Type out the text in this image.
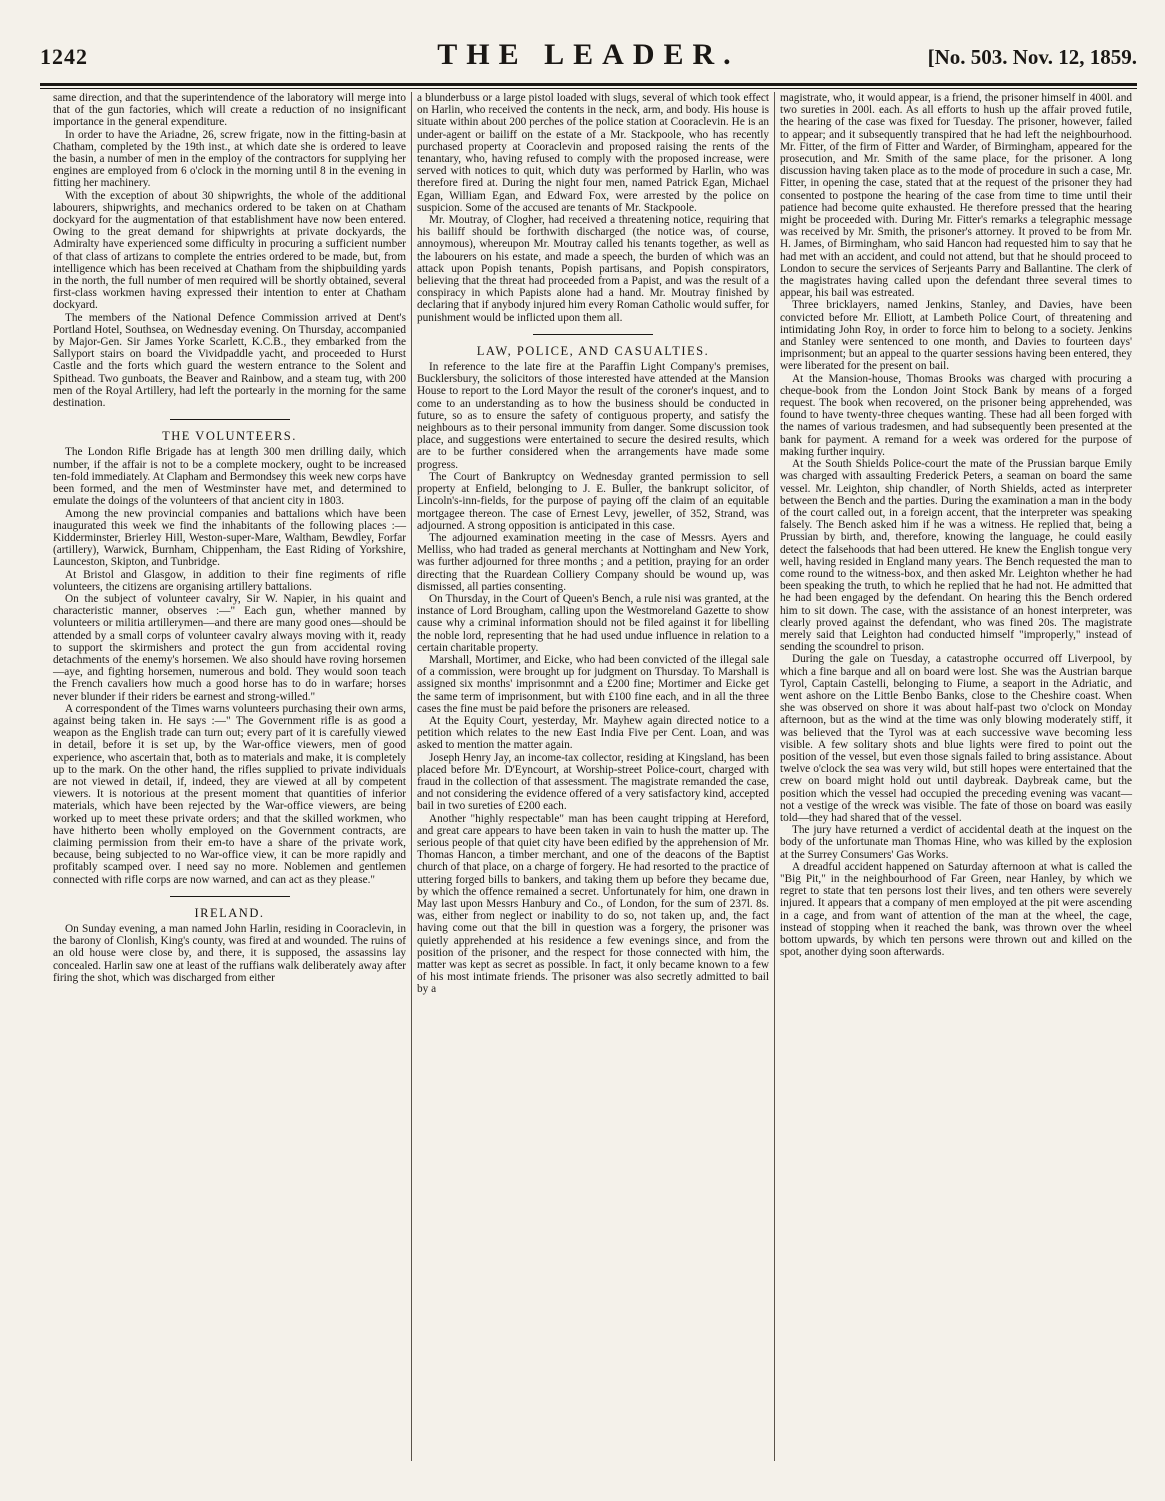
1242	THE LEADER.	[No. 503. Nov. 12, 1859.

same direction, and that the superintendence of the laboratory will merge into that of the gun factories, which will create a reduction of no insignificant importance in the general expenditure.

In order to have the Ariadne, 26, screw frigate, now in the fitting-basin at Chatham, completed by the 19th inst., at which date she is ordered to leave the basin, a number of men in the employ of the contractors for supplying her engines are employed from 6 o'clock in the morning until 8 in the evening in fitting her machinery.

With the exception of about 30 shipwrights, the whole of the additional labourers, shipwrights, and mechanics ordered to be taken on at Chatham dockyard for the augmentation of that establishment have now been entered. Owing to the great demand for shipwrights at private dockyards, the Admiralty have experienced some difficulty in procuring a sufficient number of that class of artizans to complete the entries ordered to be made, but, from intelligence which has been received at Chatham from the shipbuilding yards in the north, the full number of men required will be shortly obtained, several first-class workmen having expressed their intention to enter at Chatham dockyard.

The members of the National Defence Commission arrived at Dent's Portland Hotel, Southsea, on Wednesday evening. On Thursday, accompanied by Major-Gen. Sir James Yorke Scarlett, K.C.B., they embarked from the Sallyport stairs on board the Vividpaddle yacht, and proceeded to Hurst Castle and the forts which guard the western entrance to the Solent and Spithead. Two gunboats, the Beaver and Rainbow, and a steam tug, with 200 men of the Royal Artillery, had left the portearly in the morning for the same destination.

THE VOLUNTEERS.

The London Rifle Brigade has at length 300 men drilling daily, which number, if the affair is not to be a complete mockery, ought to be increased ten-fold immediately. At Clapham and Bermondsey this week new corps have been formed, and the men of Westminster have met, and determined to emulate the doings of the volunteers of that ancient city in 1803.

Among the new provincial companies and battalions which have been inaugurated this week we find the inhabitants of the following places :—Kidderminster, Brierley Hill, Weston-super-Mare, Waltham, Bewdley, Forfar (artillery), Warwick, Burnham, Chippenham, the East Riding of Yorkshire, Launceston, Skipton, and Tunbridge.

At Bristol and Glasgow, in addition to their fine regiments of rifle volunteers, the citizens are organising artillery battalions.

On the subject of volunteer cavalry, Sir W. Napier, in his quaint and characteristic manner, observes :—" Each gun, whether manned by volunteers or militia artillerymen—and there are many good ones—should be attended by a small corps of volunteer cavalry always moving with it, ready to support the skirmishers and protect the gun from accidental roving detachments of the enemy's horsemen. We also should have roving horsemen—aye, and fighting horsemen, numerous and bold. They would soon teach the French cavaliers how much a good horse has to do in warfare; horses never blunder if their riders be earnest and strong-willed."

A correspondent of the Times warns volunteers purchasing their own arms, against being taken in. He says :—" The Government rifle is as good a weapon as the English trade can turn out; every part of it is carefully viewed in detail, before it is set up, by the War-office viewers, men of good experience, who ascertain that, both as to materials and make, it is completely up to the mark. On the other hand, the rifles supplied to private individuals are not viewed in detail, if, indeed, they are viewed at all by competent viewers. It is notorious at the present moment that quantities of inferior materials, which have been rejected by the War-office viewers, are being worked up to meet these private orders; and that the skilled workmen, who have hitherto been wholly employed on the Government contracts, are claiming permission from their em-to have a share of the private work, because, being subjected to no War-office view, it can be more rapidly and profitably scamped over. I need say no more. Noblemen and gentlemen connected with rifle corps are now warned, and can act as they please."

IRELAND.

On Sunday evening, a man named John Harlin, residing in Cooraclevin, in the barony of Clonlish, King's county, was fired at and wounded. The ruins of an old house were close by, and there, it is supposed, the assassins lay concealed. Harlin saw one at least of the ruffians walk deliberately away after firing the shot, which was discharged from either

a blunderbuss or a large pistol loaded with slugs, several of which took effect on Harlin, who received the contents in the neck, arm, and body. His house is situate within about 200 perches of the police station at Cooraclevin. He is an under-agent or bailiff on the estate of a Mr. Stackpoole, who has recently purchased property at Cooraclevin and proposed raising the rents of the tenantary, who, having refused to comply with the proposed increase, were served with notices to quit, which duty was performed by Harlin, who was therefore fired at. During the night four men, named Patrick Egan, Michael Egan, William Egan, and Edward Fox, were arrested by the police on suspicion. Some of the accused are tenants of Mr. Stackpoole.

Mr. Moutray, of Clogher, had received a threatening notice, requiring that his bailiff should be forthwith discharged (the notice was, of course, annoymous), whereupon Mr. Moutray called his tenants together, as well as the labourers on his estate, and made a speech, the burden of which was an attack upon Popish tenants, Popish partisans, and Popish conspirators, believing that the threat had proceeded from a Papist, and was the result of a conspiracy in which Papists alone had a hand. Mr. Moutray finished by declaring that if anybody injured him every Roman Catholic would suffer, for punishment would be inflicted upon them all.

LAW, POLICE, AND CASUALTIES.

In reference to the late fire at the Paraffin Light Company's premises, Bucklersbury, the solicitors of those interested have attended at the Mansion House to report to the Lord Mayor the result of the coroner's inquest, and to come to an understanding as to how the business should be conducted in future, so as to ensure the safety of contiguous property, and satisfy the neighbours as to their personal immunity from danger. Some discussion took place, and suggestions were entertained to secure the desired results, which are to be further considered when the arrangements have made some progress.

The Court of Bankruptcy on Wednesday granted permission to sell property at Enfield, belonging to J. E. Buller, the bankrupt solicitor, of Lincoln's-inn-fields, for the purpose of paying off the claim of an equitable mortgagee thereon. The case of Ernest Levy, jeweller, of 352, Strand, was adjourned. A strong opposition is anticipated in this case.

The adjourned examination meeting in the case of Messrs. Ayers and Melliss, who had traded as general merchants at Nottingham and New York, was further adjourned for three months ; and a petition, praying for an order directing that the Ruardean Colliery Company should be wound up, was dismissed, all parties consenting.

On Thursday, in the Court of Queen's Bench, a rule nisi was granted, at the instance of Lord Brougham, calling upon the Westmoreland Gazette to show cause why a criminal information should not be filed against it for libelling the noble lord, representing that he had used undue influence in relation to a certain charitable property.

Marshall, Mortimer, and Eicke, who had been convicted of the illegal sale of a commission, were brought up for judgment on Thursday. To Marshall is assigned six months' imprisonmnt and a £200 fine; Mortimer and Eicke get the same term of imprisonment, but with £100 fine each, and in all the three cases the fine must be paid before the prisoners are released.

At the Equity Court, yesterday, Mr. Mayhew again directed notice to a petition which relates to the new East India Five per Cent. Loan, and was asked to mention the matter again.

Joseph Henry Jay, an income-tax collector, residing at Kingsland, has been placed before Mr. D'Eyncourt, at Worship-street Police-court, charged with fraud in the collection of that assessment. The magistrate remanded the case, and not considering the evidence offered of a very satisfactory kind, accepted bail in two sureties of £200 each.

Another "highly respectable" man has been caught tripping at Hereford, and great care appears to have been taken in vain to hush the matter up. The serious people of that quiet city have been edified by the apprehension of Mr. Thomas Hancon, a timber merchant, and one of the deacons of the Baptist church of that place, on a charge of forgery. He had resorted to the practice of uttering forged bills to bankers, and taking them up before they became due, by which the offence remained a secret. Unfortunately for him, one drawn in May last upon Messrs Hanbury and Co., of London, for the sum of 237l. 8s. was, either from neglect or inability to do so, not taken up, and, the fact having come out that the bill in question was a forgery, the prisoner was quietly apprehended at his residence a few evenings since, and from the position of the prisoner, and the respect for those connected with him, the matter was kept as secret as possible. In fact, it only became known to a few of his most intimate friends. The prisoner was also secretly admitted to bail by a

magistrate, who, it would appear, is a friend, the prisoner himself in 400l. and two sureties in 200l. each. As all efforts to hush up the affair proved futile, the hearing of the case was fixed for Tuesday. The prisoner, however, failed to appear; and it subsequently transpired that he had left the neighbourhood. Mr. Fitter, of the firm of Fitter and Warder, of Birmingham, appeared for the prosecution, and Mr. Smith of the same place, for the prisoner. A long discussion having taken place as to the mode of procedure in such a case, Mr. Fitter, in opening the case, stated that at the request of the prisoner they had consented to postpone the hearing of the case from time to time until their patience had become quite exhausted. He therefore pressed that the hearing might be proceeded with. During Mr. Fitter's remarks a telegraphic message was received by Mr. Smith, the prisoner's attorney. It proved to be from Mr. H. James, of Birmingham, who said Hancon had requested him to say that he had met with an accident, and could not attend, but that he should proceed to London to secure the services of Serjeants Parry and Ballantine. The clerk of the magistrates having called upon the defendant three several times to appear, his bail was estreated.

Three bricklayers, named Jenkins, Stanley, and Davies, have been convicted before Mr. Elliott, at Lambeth Police Court, of threatening and intimidating John Roy, in order to force him to belong to a society. Jenkins and Stanley were sentenced to one month, and Davies to fourteen days' imprisonment; but an appeal to the quarter sessions having been entered, they were liberated for the present on bail.

At the Mansion-house, Thomas Brooks was charged with procuring a cheque-book from the London Joint Stock Bank by means of a forged request. The book when recovered, on the prisoner being apprehended, was found to have twenty-three cheques wanting. These had all been forged with the names of various tradesmen, and had subsequently been presented at the bank for payment. A remand for a week was ordered for the purpose of making further inquiry.

At the South Shields Police-court the mate of the Prussian barque Emily was charged with assaulting Frederick Peters, a seaman on board the same vessel. Mr. Leighton, ship chandler, of North Shields, acted as interpreter between the Bench and the parties. During the examination a man in the body of the court called out, in a foreign accent, that the interpreter was speaking falsely. The Bench asked him if he was a witness. He replied that, being a Prussian by birth, and, therefore, knowing the language, he could easily detect the falsehoods that had been uttered. He knew the English tongue very well, having resided in England many years. The Bench requested the man to come round to the witness-box, and then asked Mr. Leighton whether he had been speaking the truth, to which he replied that he had not. He admitted that he had been engaged by the defendant. On hearing this the Bench ordered him to sit down. The case, with the assistance of an honest interpreter, was clearly proved against the defendant, who was fined 20s. The magistrate merely said that Leighton had conducted himself "improperly," instead of sending the scoundrel to prison.

During the gale on Tuesday, a catastrophe occurred off Liverpool, by which a fine barque and all on board were lost. She was the Austrian barque Tyrol, Captain Castelli, belonging to Fiume, a seaport in the Adriatic, and went ashore on the Little Benbo Banks, close to the Cheshire coast. When she was observed on shore it was about half-past two o'clock on Monday afternoon, but as the wind at the time was only blowing moderately stiff, it was believed that the Tyrol was at each successive wave becoming less visible. A few solitary shots and blue lights were fired to point out the position of the vessel, but even those signals failed to bring assistance. About twelve o'clock the sea was very wild, but still hopes were entertained that the crew on board might hold out until daybreak. Daybreak came, but the position which the vessel had occupied the preceding evening was vacant—not a vestige of the wreck was visible. The fate of those on board was easily told—they had shared that of the vessel.

The jury have returned a verdict of accidental death at the inquest on the body of the unfortunate man Thomas Hine, who was killed by the explosion at the Surrey Consumers' Gas Works.

A dreadful accident happened on Saturday afternoon at what is called the "Big Pit," in the neighbourhood of Far Green, near Hanley, by which we regret to state that ten persons lost their lives, and ten others were severely injured. It appears that a company of men employed at the pit were ascending in a cage, and from want of attention of the man at the wheel, the cage, instead of stopping when it reached the bank, was thrown over the wheel bottom upwards, by which ten persons were thrown out and killed on the spot, another dying soon afterwards.
